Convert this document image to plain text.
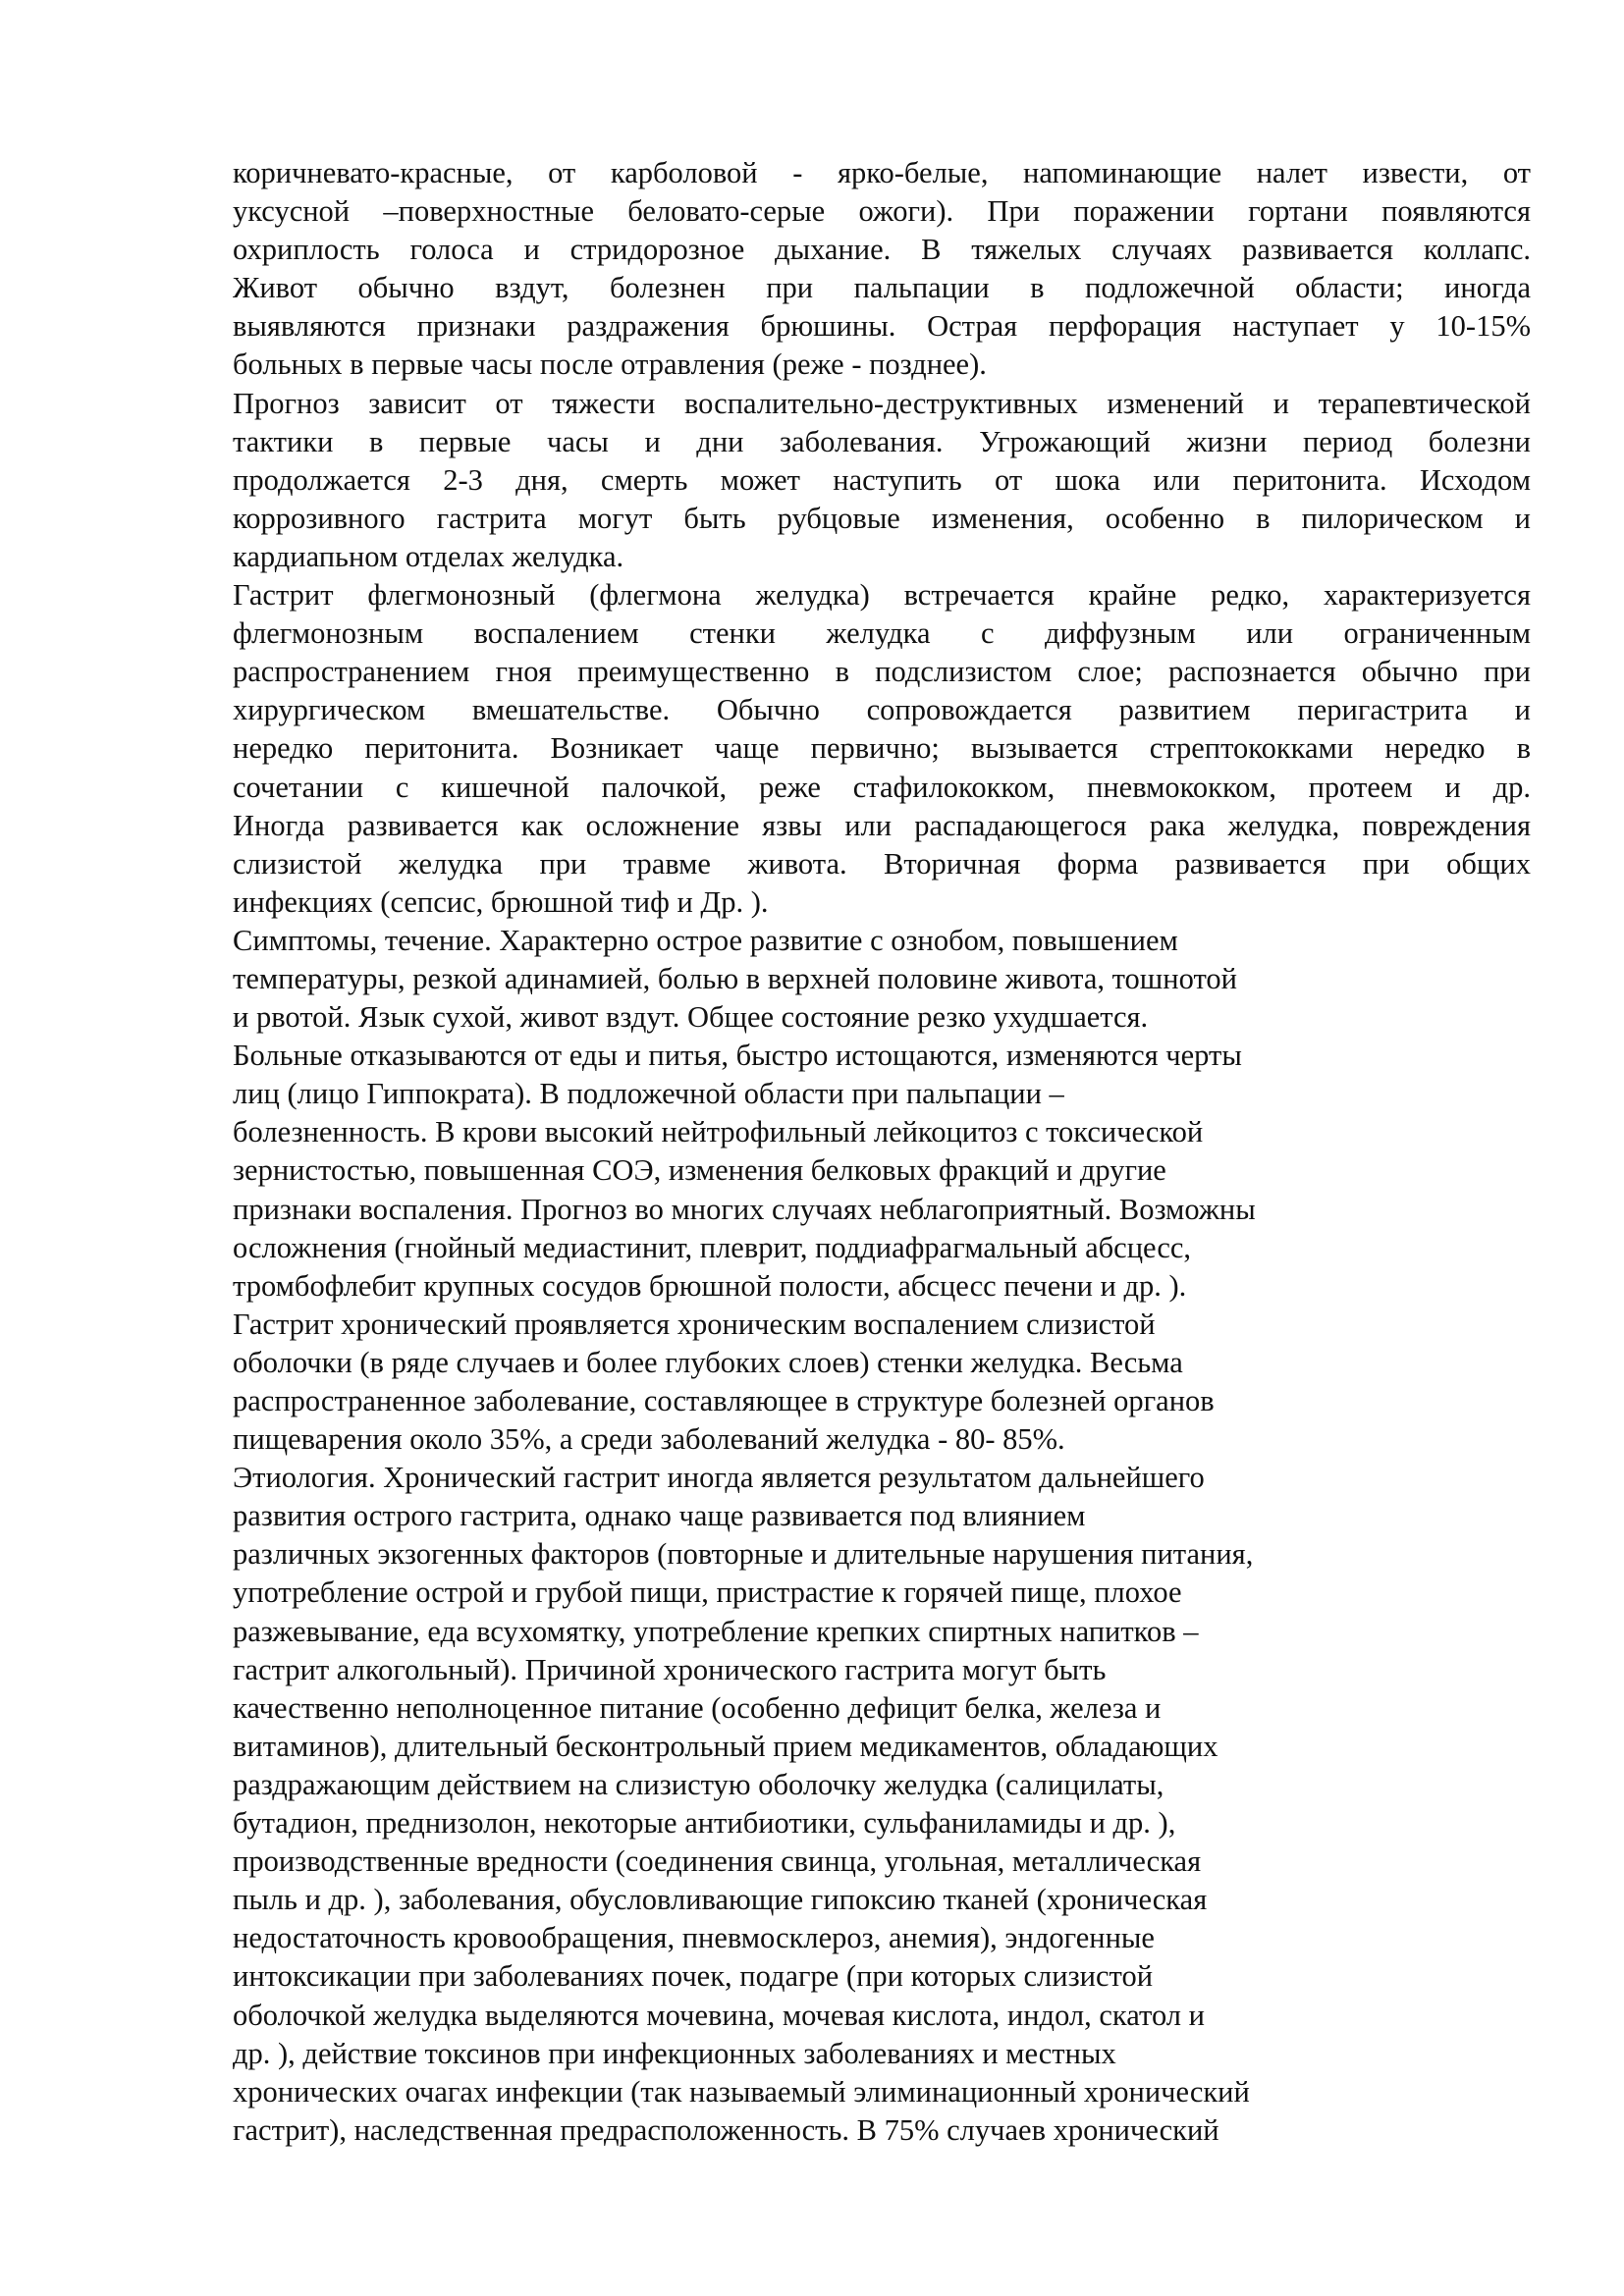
коричневато-красные, от карболовой - ярко-белые, напоминающие налет извести, от
уксусной –поверхностные беловато-серые ожоги). При поражении гортани появляются
охриплость голоса и стридорозное дыхание. В тяжелых случаях развивается коллапс.
Живот обычно вздут, болезнен при пальпации в подложечной области; иногда
выявляются признаки раздражения брюшины. Острая перфорация наступает у 10-15%
больных в первые часы после отравления (реже - позднее).
Прогноз зависит от тяжести воспалительно-деструктивных изменений и терапевтической
тактики в первые часы и дни заболевания. Угрожающий жизни период болезни
продолжается 2-3 дня, смерть может наступить от шока или перитонита. Исходом
коррозивного гастрита могут быть рубцовые изменения, особенно в пилорическом и
кардиапьном отделах желудка.
Гастрит флегмонозный (флегмона желудка) встречается крайне редко, характеризуется
флегмонозным воспалением стенки желудка с диффузным или ограниченным
распространением гноя преимущественно в подслизистом слое; распознается обычно при
хирургическом вмешательстве. Обычно сопровождается развитием перигастрита и
нередко перитонита. Возникает чаще первично; вызывается стрептококками нередко в
сочетании с кишечной палочкой, реже стафилококком, пневмококком, протеем и др.
Иногда развивается как осложнение язвы или распадающегося рака желудка, повреждения
слизистой желудка при травме живота. Вторичная форма развивается при общих
инфекциях (сепсис, брюшной тиф и Др. ).
Симптомы, течение. Характерно острое развитие с ознобом, повышением
температуры, резкой адинамией, болью в верхней половине живота, тошнотой
и рвотой. Язык сухой, живот вздут. Общее состояние резко ухудшается.
Больные отказываются от еды и питья, быстро истощаются, изменяются черты
лиц (лицо Гиппократа). В подложечной области при пальпации –
болезненность. В крови высокий нейтрофильный лейкоцитоз с токсической
зернистостью, повышенная СОЭ, изменения белковых фракций и другие
признаки воспаления. Прогноз во многих случаях неблагоприятный. Возможны
осложнения (гнойный медиастинит, плеврит, поддиафрагмальный абсцесс,
тромбофлебит крупных сосудов брюшной полости, абсцесс печени и др. ).
Гастрит хронический проявляется хроническим воспалением слизистой
оболочки (в ряде случаев и более глубоких слоев) стенки желудка. Весьма
распространенное заболевание, составляющее в структуре болезней органов
пищеварения около 35%, а среди заболеваний желудка - 80- 85%.
Этиология. Хронический гастрит иногда является результатом дальнейшего
развития острого гастрита, однако чаще развивается под влиянием
различных экзогенных факторов (повторные и длительные нарушения питания,
употребление острой и грубой пищи, пристрастие к горячей пище, плохое
разжевывание, еда всухомятку, употребление крепких спиртных напитков –
гастрит алкогольный). Причиной хронического гастрита могут быть
качественно неполноценное питание (особенно дефицит белка, железа и
витаминов), длительный бесконтрольный прием медикаментов, обладающих
раздражающим действием на слизистую оболочку желудка (салицилаты,
бутадион, преднизолон, некоторые антибиотики, сульфаниламиды и др. ),
производственные вредности (соединения свинца, угольная, металлическая
пыль и др. ), заболевания, обусловливающие гипоксию тканей (хроническая
недостаточность кровообращения, пневмосклероз, анемия), эндогенные
интоксикации при заболеваниях почек, подагре (при которых слизистой
оболочкой желудка выделяются мочевина, мочевая кислота, индол, скатол и
др. ), действие токсинов при инфекционных заболеваниях и местных
хронических очагах инфекции (так называемый элиминационный хронический
гастрит), наследственная предрасположенность. В 75% случаев хронический
